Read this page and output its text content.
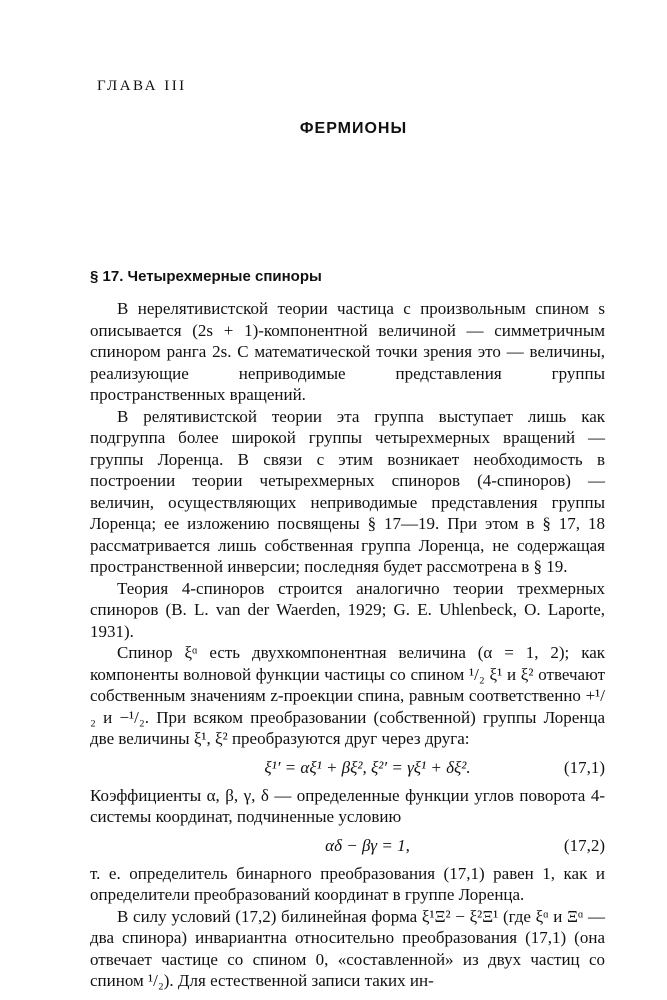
ГЛАВА III
ФЕРМИОНЫ
§ 17. Четырехмерные спиноры

В нерелятивистской теории частица с произвольным спином s описывается (2s + 1)-компонентной величиной — симметричным спинором ранга 2s. С математической точки зрения это — величины, реализующие неприводимые представления группы пространственных вращений.

В релятивистской теории эта группа выступает лишь как подгруппа более широкой группы четырехмерных вращений — группы Лоренца. В связи с этим возникает необходимость в построении теории четырехмерных спиноров (4-спиноров) — величин, осуществляющих неприводимые представления группы Лоренца; ее изложению посвящены § 17—19. При этом в § 17, 18 рассматривается лишь собственная группа Лоренца, не содержащая пространственной инверсии; последняя будет рассмотрена в § 19.

Теория 4-спиноров строится аналогично теории трехмерных спиноров (B. L. van der Waerden, 1929; G. E. Uhlenbeck, O. Laporte, 1931).

Спинор ξᵅ есть двухкомпонентная величина (α = 1, 2); как компоненты волновой функции частицы со спином ¹/₂ ξ¹ и ξ² отвечают собственным значениям z-проекции спина, равным соответственно +¹/₂ и −¹/₂. При всяком преобразовании (собственной) группы Лоренца две величины ξ¹, ξ² преобразуются друг через друга:

ξ¹′ = αξ¹ + βξ², ξ²′ = γξ¹ + δξ².	(17,1)

Коэффициенты α, β, γ, δ — определенные функции углов поворота 4-системы координат, подчиненные условию

αδ − βγ = 1,	(17,2)

т. е. определитель бинарного преобразования (17,1) равен 1, как и определители преобразований координат в группе Лоренца.

В силу условий (17,2) билинейная форма ξ¹Ξ² − ξ²Ξ¹ (где ξᵅ и Ξᵅ — два спинора) инвариантна относительно преобразования (17,1) (она отвечает частице со спином 0, «составленной» из двух частиц со спином ¹/₂). Для естественной записи таких ин-
